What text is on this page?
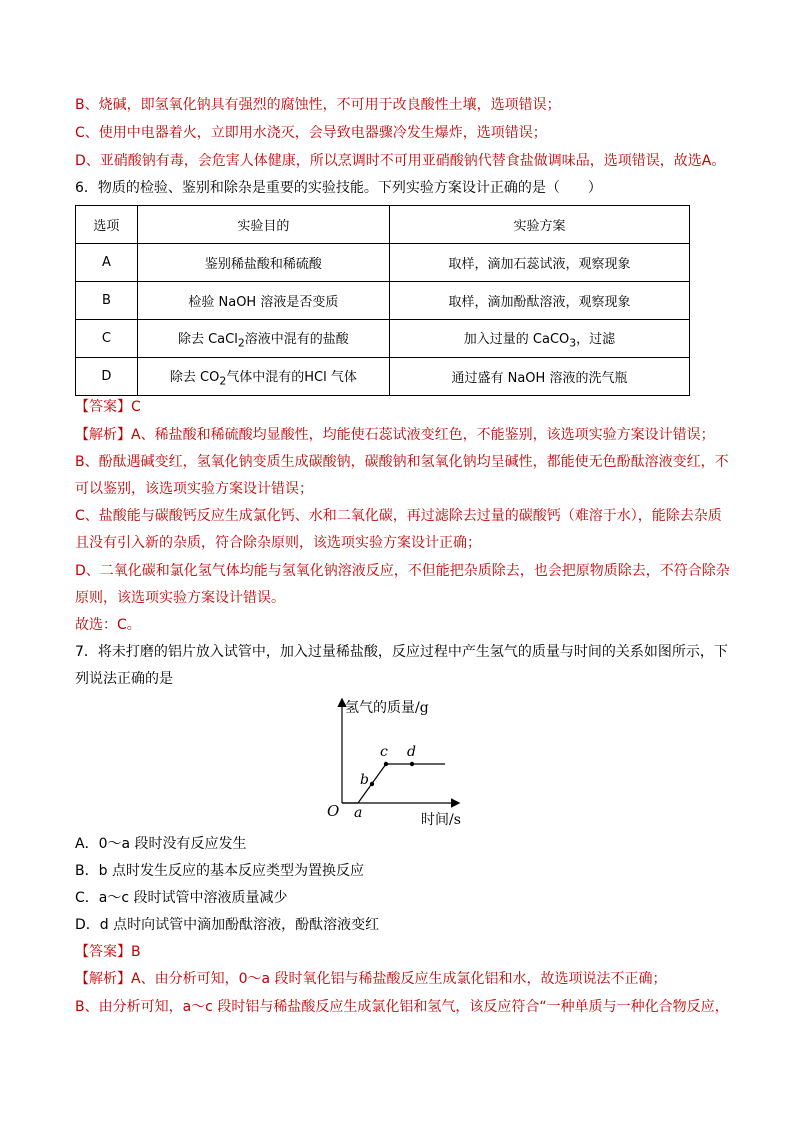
B、烧碱，即氢氧化钠具有强烈的腐蚀性，不可用于改良酸性土壤，选项错误；
C、使用中电器着火，立即用水浇灭，会导致电器骤冷发生爆炸，选项错误；
D、亚硝酸钠有毒，会危害人体健康，所以烹调时不可用亚硝酸钠代替食盐做调味品，选项错误，故选A。
6．物质的检验、鉴别和除杂是重要的实验技能。下列实验方案设计正确的是（　　）
选项	实验目的	实验方案
A	鉴别稀盐酸和稀硫酸	取样，滴加石蕊试液，观察现象
B	检验 NaOH 溶液是否变质	取样，滴加酚酞溶液，观察现象
C	除去 CaCl$_2$溶液中混有的盐酸	加入过量的 CaCO$_3$，过滤
D	除去 $CO_2$气体中混有的HCl 气体	通过盛有 NaOH 溶液的洗气瓶
【答案】C
【解析】A、稀盐酸和稀硫酸均显酸性，均能使石蕊试液变红色，不能鉴别，该选项实验方案设计错误；
B、酚酞遇碱变红，氢氧化钠变质生成碳酸钠，碳酸钠和氢氧化钠均呈碱性，都能使无色酚酞溶液变红，不
可以鉴别，该选项实验方案设计错误；
C、盐酸能与碳酸钙反应生成氯化钙、水和二氧化碳，再过滤除去过量的碳酸钙（难溶于水），能除去杂质
且没有引入新的杂质，符合除杂原则，该选项实验方案设计正确；
D、二氧化碳和氯化氢气体均能与氢氧化钠溶液反应，不但能把杂质除去，也会把原物质除去，不符合除杂
原则，该选项实验方案设计错误。
故选：C。
7．将未打磨的铝片放入试管中，加入过量稀盐酸，反应过程中产生氢气的质量与时间的关系如图所示，下
列说法正确的是
氢气的质量/g
时间/s
O a
b
c d
A．0～a 段时没有反应发生
B．b 点时发生反应的基本反应类型为置换反应
C．a～c 段时试管中溶液质量减少
D．d 点时向试管中滴加酚酞溶液，酚酞溶液变红
【答案】B
【解析】A、由分析可知，0～a 段时氧化铝与稀盐酸反应生成氯化铝和水，故选项说法不正确；
B、由分析可知，a～c 段时铝与稀盐酸反应生成氯化铝和氢气，该反应符合“一种单质与一种化合物反应，
